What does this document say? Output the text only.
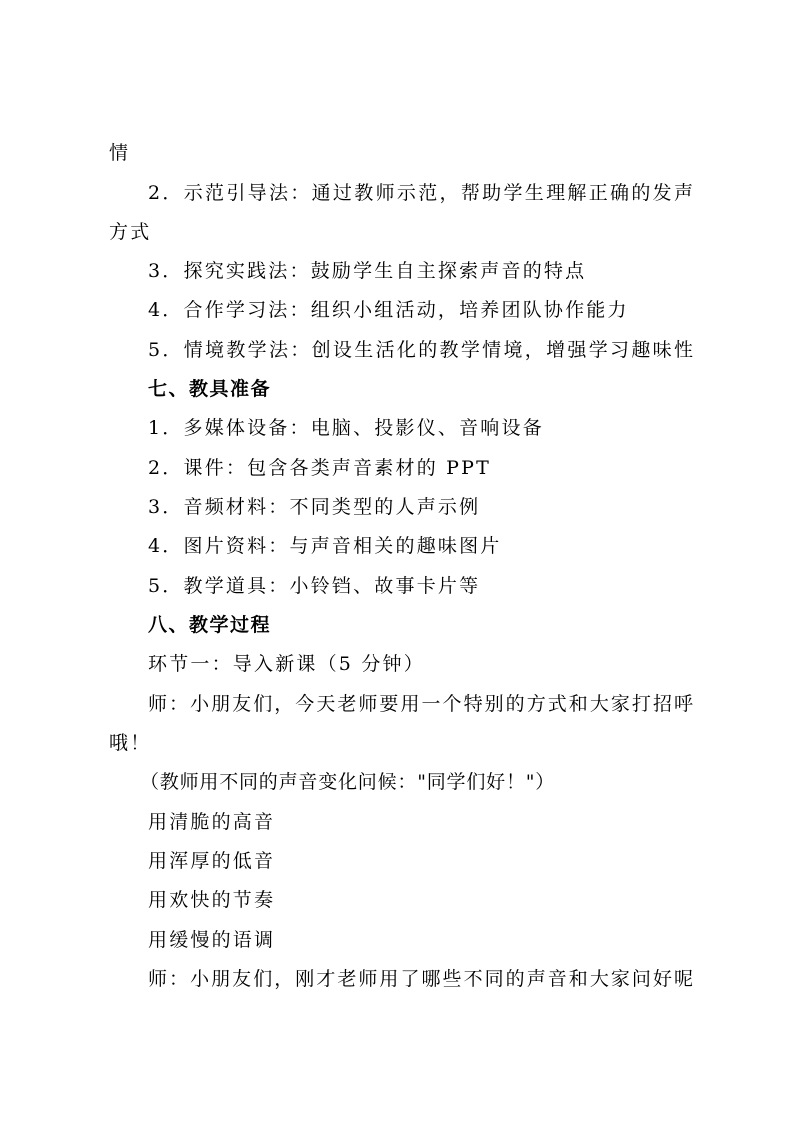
情
2．示范引导法：通过教师示范，帮助学生理解正确的发声
方式
3．探究实践法：鼓励学生自主探索声音的特点
4．合作学习法：组织小组活动，培养团队协作能力
5．情境教学法：创设生活化的教学情境，增强学习趣味性
七、教具准备
1．多媒体设备：电脑、投影仪、音响设备
2．课件：包含各类声音素材的 PPT
3．音频材料：不同类型的人声示例
4．图片资料：与声音相关的趣味图片
5．教学道具：小铃铛、故事卡片等
八、教学过程
环节一：导入新课（5 分钟）
师：小朋友们，今天老师要用一个特别的方式和大家打招呼
哦！
（教师用不同的声音变化问候："同学们好！"）
用清脆的高音
用浑厚的低音
用欢快的节奏
用缓慢的语调
师：小朋友们，刚才老师用了哪些不同的声音和大家问好呢
